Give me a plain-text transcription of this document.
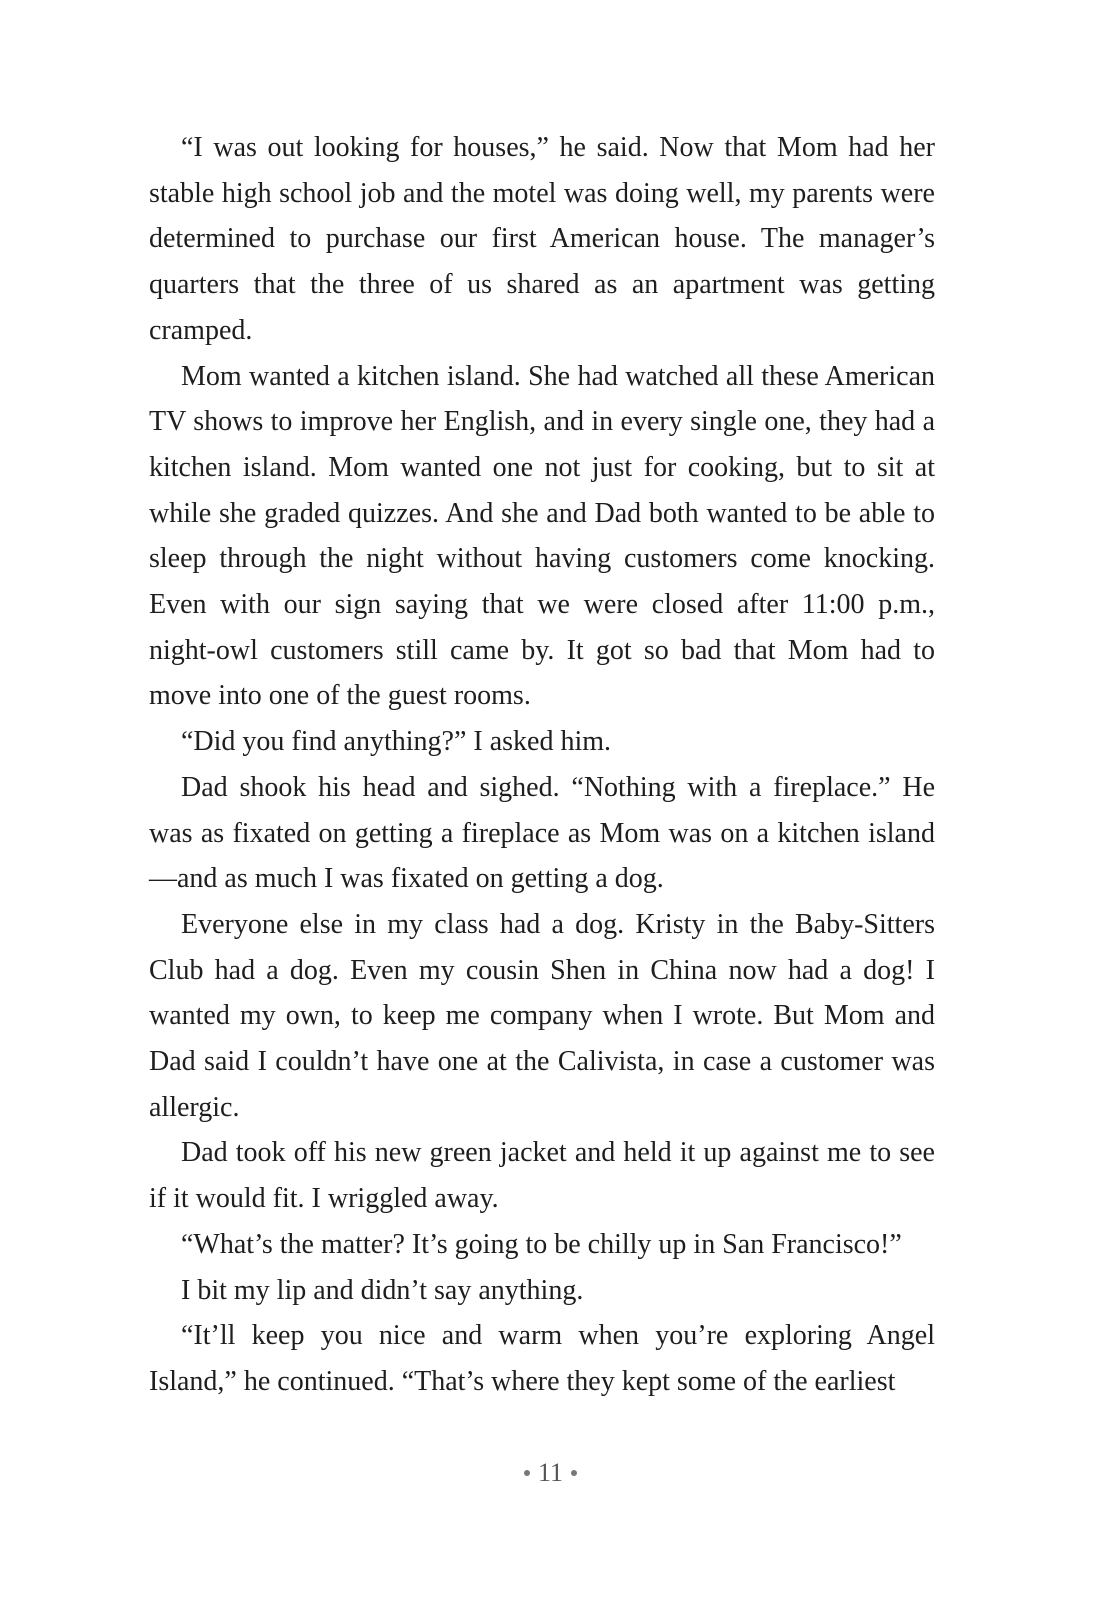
“I was out looking for houses,” he said. Now that Mom had her stable high school job and the motel was doing well, my parents were determined to purchase our first American house. The manager’s quarters that the three of us shared as an apartment was getting cramped.

Mom wanted a kitchen island. She had watched all these American TV shows to improve her English, and in every single one, they had a kitchen island. Mom wanted one not just for cooking, but to sit at while she graded quizzes. And she and Dad both wanted to be able to sleep through the night without having customers come knocking. Even with our sign saying that we were closed after 11:00 p.m., night-owl customers still came by. It got so bad that Mom had to move into one of the guest rooms.

“Did you find anything?” I asked him.

Dad shook his head and sighed. “Nothing with a fireplace.” He was as fixated on getting a fireplace as Mom was on a kitchen island—and as much I was fixated on getting a dog.

Everyone else in my class had a dog. Kristy in the Baby-Sitters Club had a dog. Even my cousin Shen in China now had a dog! I wanted my own, to keep me company when I wrote. But Mom and Dad said I couldn’t have one at the Calivista, in case a customer was allergic.

Dad took off his new green jacket and held it up against me to see if it would fit. I wriggled away.

“What’s the matter? It’s going to be chilly up in San Francisco!”

I bit my lip and didn’t say anything.

“It’ll keep you nice and warm when you’re exploring Angel Island,” he continued. “That’s where they kept some of the earliest

11
